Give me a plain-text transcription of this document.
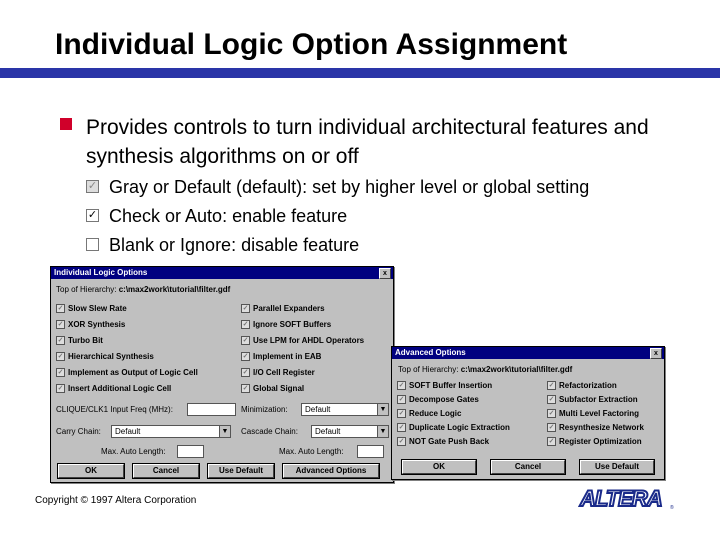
Individual Logic Option Assignment
Provides controls to turn individual architectural features and synthesis algorithms on or off
✓ Gray or Default (default): set by higher level or global setting
✓ Check or Auto: enable feature
Blank or Ignore: disable feature
Individual Logic Options	x
Top of Hierarchy: c:\max2work\tutorial\filter.gdf
✓ Slow Slew Rate
✓ XOR Synthesis
✓ Turbo Bit
✓ Hierarchical Synthesis
✓ Implement as Output of Logic Cell
✓ Insert Additional Logic Cell
✓ Parallel Expanders
✓ Ignore SOFT Buffers
✓ Use LPM for AHDL Operators
✓ Implement in EAB
✓ I/O Cell Register
✓ Global Signal
CLIQUE/CLK1 Input Freq (MHz):	Minimization:	Default	▼
Carry Chain:	Default	▼ Cascade Chain:	Default	▼
Max. Auto Length:	Max. Auto Length:
OK	Cancel	Use Default	Advanced Options
Advanced Options	x
Top of Hierarchy: c:\max2work\tutorial\filter.gdf
✓ SOFT Buffer Insertion
✓ Decompose Gates
✓ Reduce Logic
✓ Duplicate Logic Extraction
✓ NOT Gate Push Back
✓ Refactorization
✓ Subfactor Extraction
✓ Multi Level Factoring
✓ Resynthesize Network
✓ Register Optimization
OK	Cancel	Use Default
Copyright © 1997 Altera Corporation	ALTERA ®
